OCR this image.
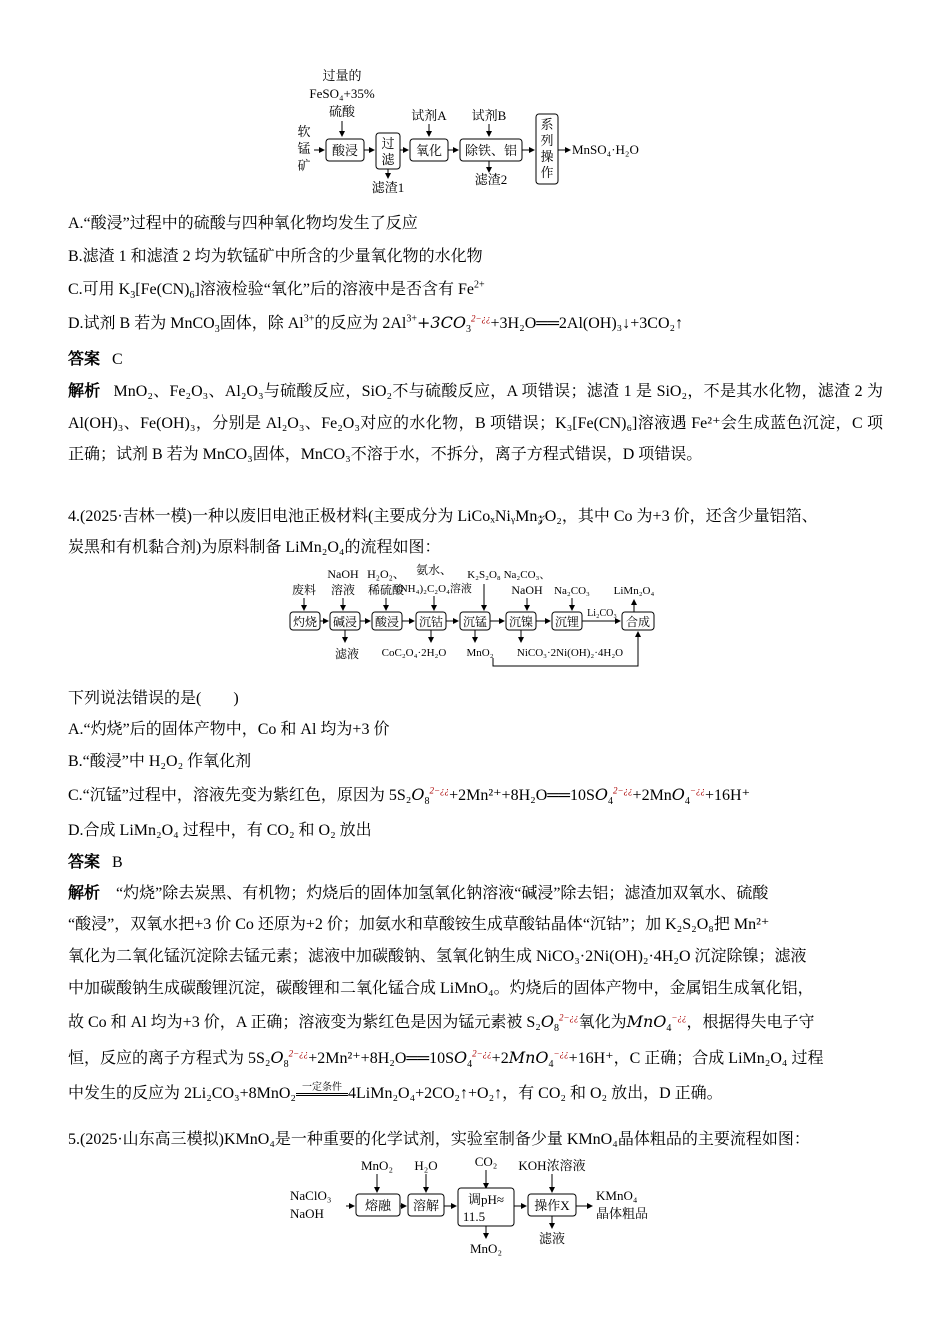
过量的
FeSO₄+35%
硫酸
软
锰
矿
酸浸 过
滤
滤渣1
试剂A
氧化
试剂B
除铁、铝
滤渣2
系
列
操
作
MnSO₄·H₂O
A.“酸浸”过程中的硫酸与四种氧化物均发生了反应
B.滤渣 1 和滤渣 2 均为软锰矿中所含的少量氧化物的水化物
C.可用 $K_3[Fe(CN)_6]$溶液检验“氧化”后的溶液中是否含有 $Fe^{2+}$
D.试剂 B 若为 MnCO$_3$固体，除 $Al^{3+}$的反应为 $2Al^{3+}+3CO_3^{2-¿¿}+3H_2O══2Al(OH)_3↓+3CO_2↑$
答案 C
解析 MnO₂、Fe₂O₃、Al₂O₃与硫酸反应，SiO₂不与硫酸反应，A 项错误；滤渣 1 是 SiO₂，不是其水化物，滤渣 2 为 Al(OH)₃、Fe(OH)₃，分别是 Al₂O₃、Fe₂O₃对应的水化物，B 项错误；K₃[Fe(CN)₆]溶液遇 Fe²⁺会生成蓝色沉淀，C 项正确；试剂 B 若为 MnCO₃固体，MnCO₃不溶于水，不拆分，离子方程式错误，D 项错误。
4.(2025·吉林一模)一种以废旧电池正极材料(主要成分为 LiCoₓNiᵧMn𝓏O₂，其中 Co 为+3 价，还含少量铝箔、
炭黑和有机黏合剂)为原料制备 LiMn₂O₄的流程如图：
NaOH
溶液
H₂O₂、
稀硫酸
氨水、
(NH₄)₂C₂O₄溶液
K₂S₂O₈ Na₂CO₃、
NaOH Na₂CO₃ LiMn₂O₄
废料
灼烧 碱浸 酸浸 沉钴 沉锰 沉镍 沉锂	合成
Li₂CO₃
滤液 CoC₂O₄·2H₂O MnO₂ NiCO₃·2Ni(OH)₂·4H₂O
下列说法错误的是(　　)
A.“灼烧”后的固体产物中，Co 和 Al 均为+3 价
B.“酸浸”中 H₂O₂ 作氧化剂
C.“沉锰”过程中，溶液先变为紫红色，原因为 $5S_2O_8^{2-¿¿}+2Mn^{2+}+8H_2O══10SO_4^{2-¿¿}+2MnO_4^{-¿¿}+16H^+$
D.合成 LiMn₂O₄ 过程中，有 CO₂ 和 O₂ 放出
答案 B
解析 “灼烧”除去炭黑、有机物；灼烧后的固体加氢氧化钠溶液“碱浸”除去铝；滤渣加双氧水、硫酸
“酸浸”，双氧水把+3 价 Co 还原为+2 价；加氨水和草酸铵生成草酸钴晶体“沉钴”；加 K₂S₂O₈把 Mn²⁺
氧化为二氧化锰沉淀除去锰元素；滤液中加碳酸钠、氢氧化钠生成 NiCO₃·2Ni(OH)₂·4H₂O 沉淀除镍；滤液
中加碳酸钠生成碳酸锂沉淀，碳酸锂和二氧化锰合成 LiMnO₄。灼烧后的固体产物中，金属铝生成氧化铝，
故 Co 和 Al 均为+3 价，A 正确；溶液变为紫红色是因为锰元素被 $S_2O_8^{2-¿¿}$氧化为MnO$_4$−¿¿，根据得失电子守
恒，反应的离子方程式为 $5S_2O_8^{2-¿¿}+2Mn^{2+}+8H_2O══10SO_4^{2-¿¿}+2MnO_4^{-¿¿}+16H^+$，C 正确；合成 LiMn₂O₄ 过程
中发生的反应为 2Li₂CO₃+8MnO₂ 一定条件 4LiMn₂O₄+2CO₂↑+O₂↑，有 CO₂ 和 O₂ 放出，D 正确。
5.(2025·山东高三模拟)KMnO₄是一种重要的化学试剂，实验室制备少量 KMnO₄晶体粗品的主要流程如图：
NaClO₃
NaOH
MnO₂ H₂O	CO₂ KOH浓溶液
熔融 溶解 调pH≈
11.5
MnO₂
操作X
滤液
KMnO₄
晶体粗品
